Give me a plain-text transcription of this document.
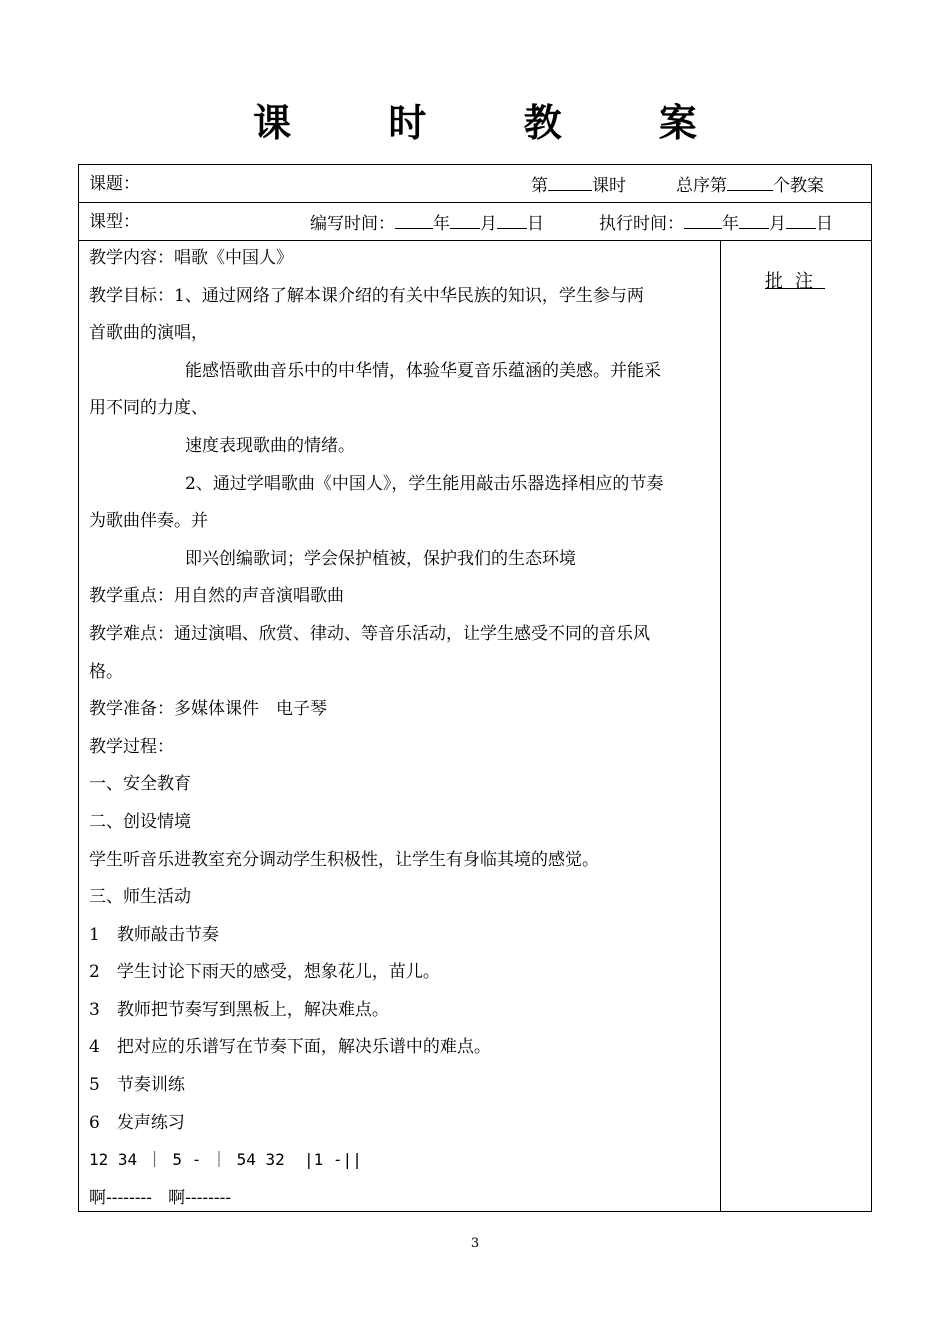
课 时 教 案
课题：	第	课时	总序第	个教案
课型：	编写时间： 年 月 日	执行时间： 年 月 日
教学内容：唱歌《中国人》
教学目标：1、通过网络了解本课介绍的有关中华民族的知识，学生参与两
首歌曲的演唱，
能感悟歌曲音乐中的中华情，体验华夏音乐蕴涵的美感。并能采
用不同的力度、
速度表现歌曲的情绪。
2、通过学唱歌曲《中国人》，学生能用敲击乐器选择相应的节奏
为歌曲伴奏。并
即兴创编歌词；学会保护植被，保护我们的生态环境
教学重点：用自然的声音演唱歌曲
教学难点：通过演唱、欣赏、律动、等音乐活动，让学生感受不同的音乐风
格。
教学准备：多媒体课件　电子琴
教学过程：
一、安全教育
二、创设情境
学生听音乐进教室充分调动学生积极性，让学生有身临其境的感觉。
三、师生活动
1　教师敲击节奏
2　学生讨论下雨天的感受，想象花儿，苗儿。
3　教师把节奏写到黑板上，解决难点。
4　把对应的乐谱写在节奏下面，解决乐谱中的难点。
5　节奏训练
6　发声练习
12 34 ｜ 5 - ｜ 54 32  |1 -||
啊--------   啊--------
批注
3
